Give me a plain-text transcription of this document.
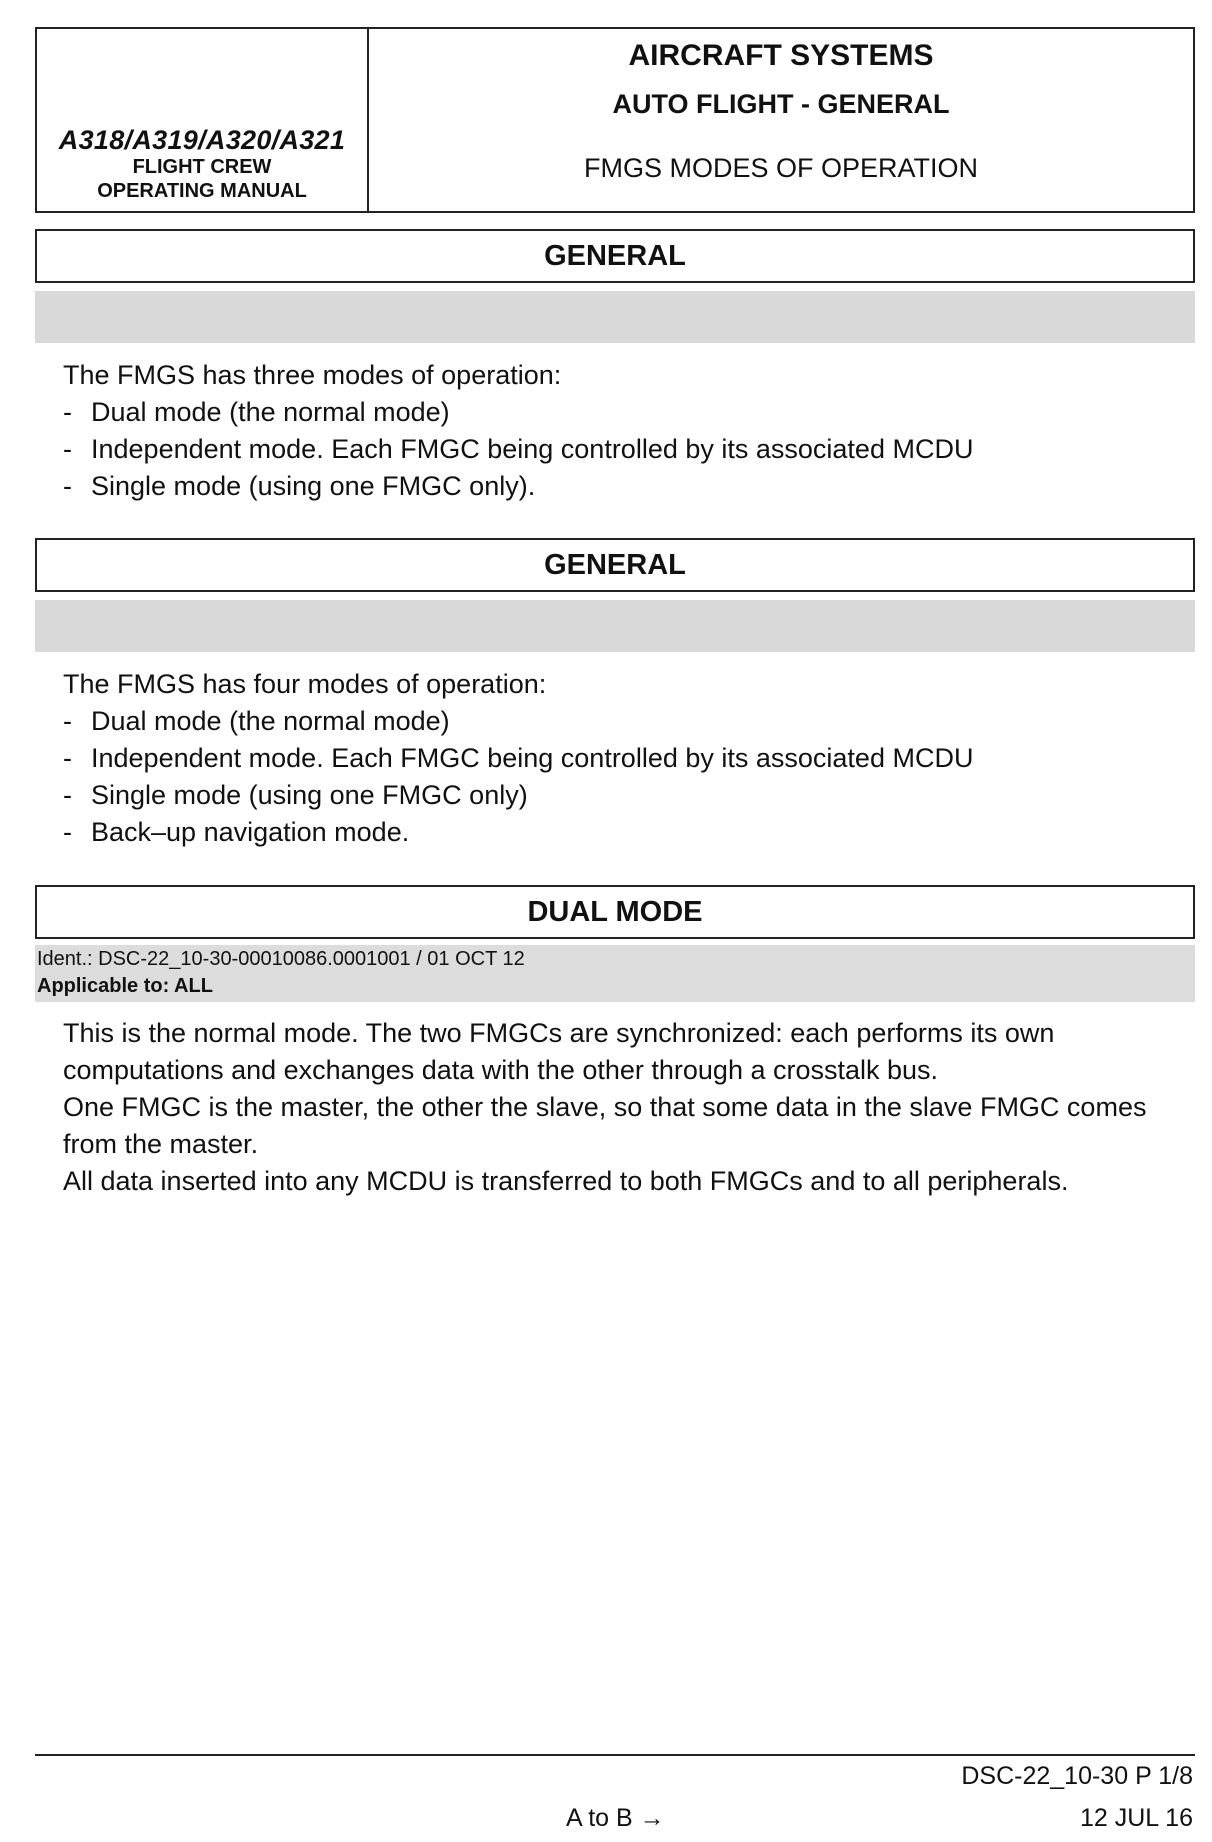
A318/A319/A320/A321
FLIGHT CREW
OPERATING MANUAL
AIRCRAFT SYSTEMS
AUTO FLIGHT - GENERAL
FMGS MODES OF OPERATION
GENERAL

The FMGS has three modes of operation:

- Dual mode (the normal mode)
- Independent mode. Each FMGC being controlled by its associated MCDU
- Single mode (using one FMGC only).
GENERAL

The FMGS has four modes of operation:

- Dual mode (the normal mode)
- Independent mode. Each FMGC being controlled by its associated MCDU
- Single mode (using one FMGC only)
- Back–up navigation mode.
DUAL MODE
Ident.: DSC-22_10-30-00010086.0001001 / 01 OCT 12
Applicable to: ALL

This is the normal mode. The two FMGCs are synchronized: each performs its own computations and exchanges data with the other through a crosstalk bus.

One FMGC is the master, the other the slave, so that some data in the slave FMGC comes from the master.

All data inserted into any MCDU is transferred to both FMGCs and to all peripherals.

DSC-22_10-30 P 1/8
A to B →	12 JUL 16
